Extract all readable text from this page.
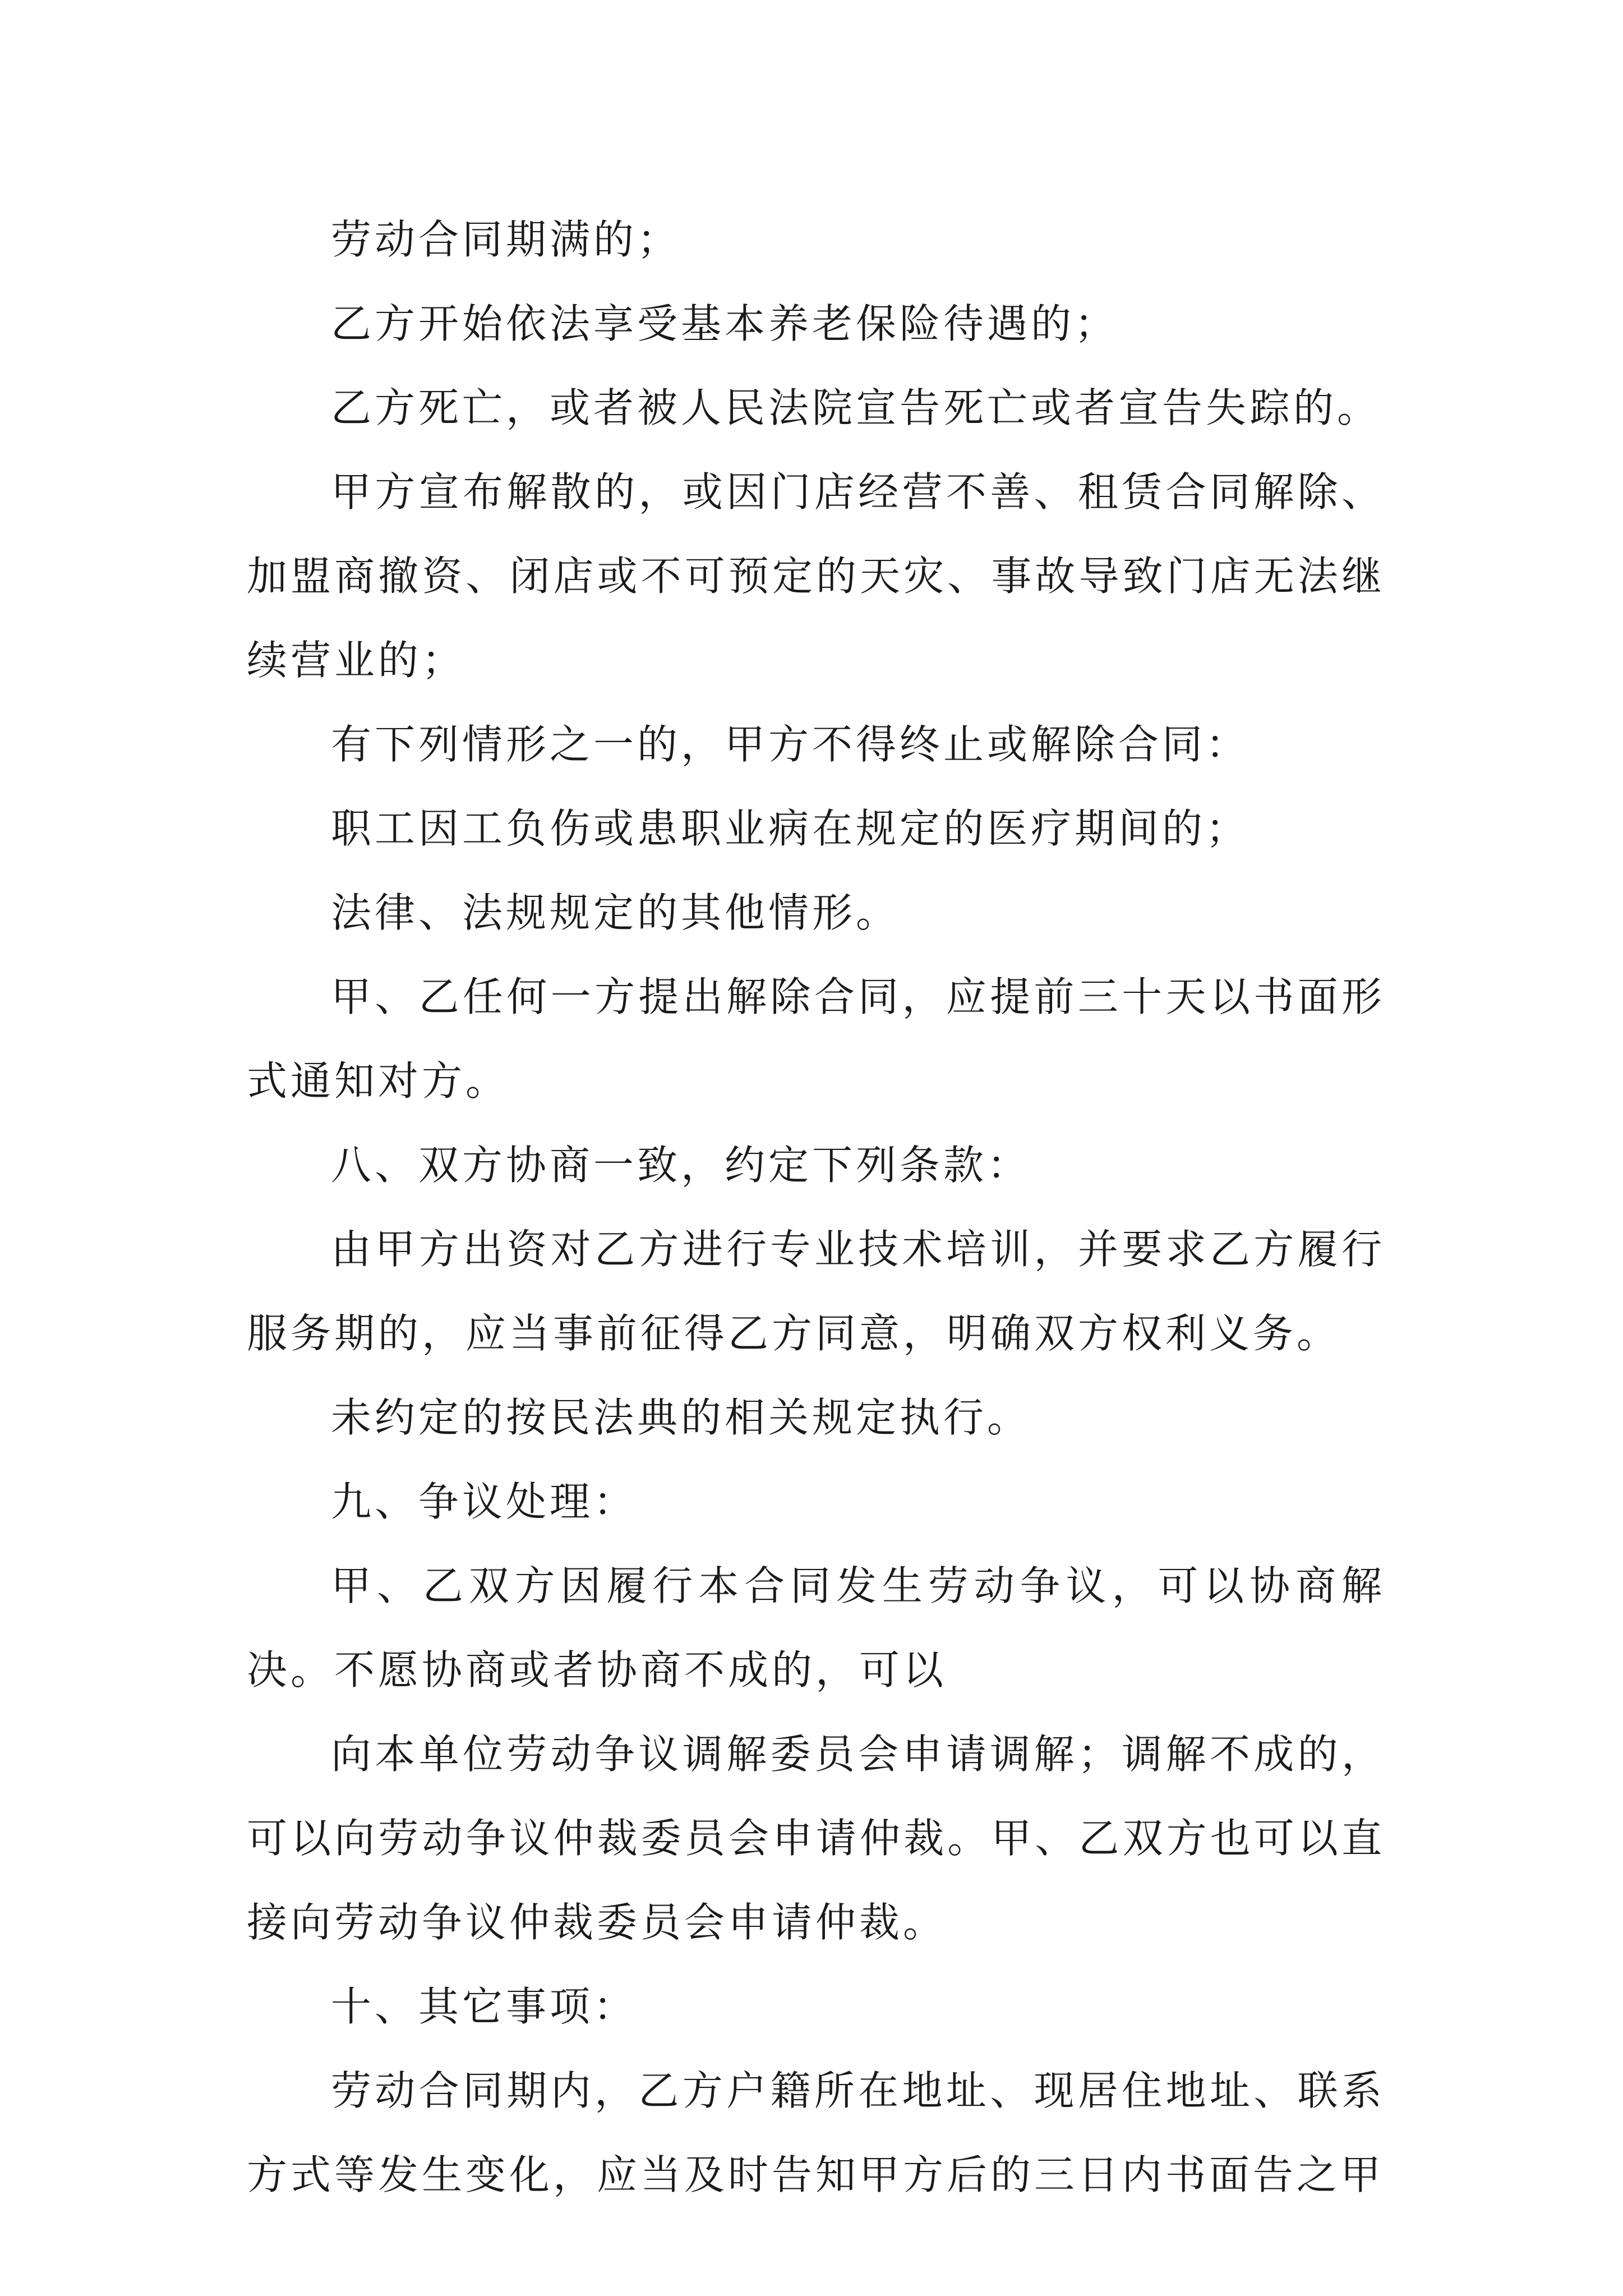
劳动合同期满的；

乙方开始依法享受基本养老保险待遇的；

乙方死亡，或者被人民法院宣告死亡或者宣告失踪的。

甲方宣布解散的，或因门店经营不善、租赁合同解除、加盟商撤资、闭店或不可预定的天灾、事故导致门店无法继续营业的；

有下列情形之一的，甲方不得终止或解除合同：

职工因工负伤或患职业病在规定的医疗期间的；

法律、法规规定的其他情形。

甲、乙任何一方提出解除合同，应提前三十天以书面形式通知对方。

八、双方协商一致，约定下列条款：

由甲方出资对乙方进行专业技术培训，并要求乙方履行服务期的，应当事前征得乙方同意，明确双方权利义务。

未约定的按民法典的相关规定执行。

九、争议处理：

甲、乙双方因履行本合同发生劳动争议，可以协商解决。不愿协商或者协商不成的，可以

向本单位劳动争议调解委员会申请调解；调解不成的，可以向劳动争议仲裁委员会申请仲裁。甲、乙双方也可以直接向劳动争议仲裁委员会申请仲裁。

十、其它事项：

劳动合同期内，乙方户籍所在地址、现居住地址、联系方式等发生变化，应当及时告知甲方后的三日内书面告之甲
